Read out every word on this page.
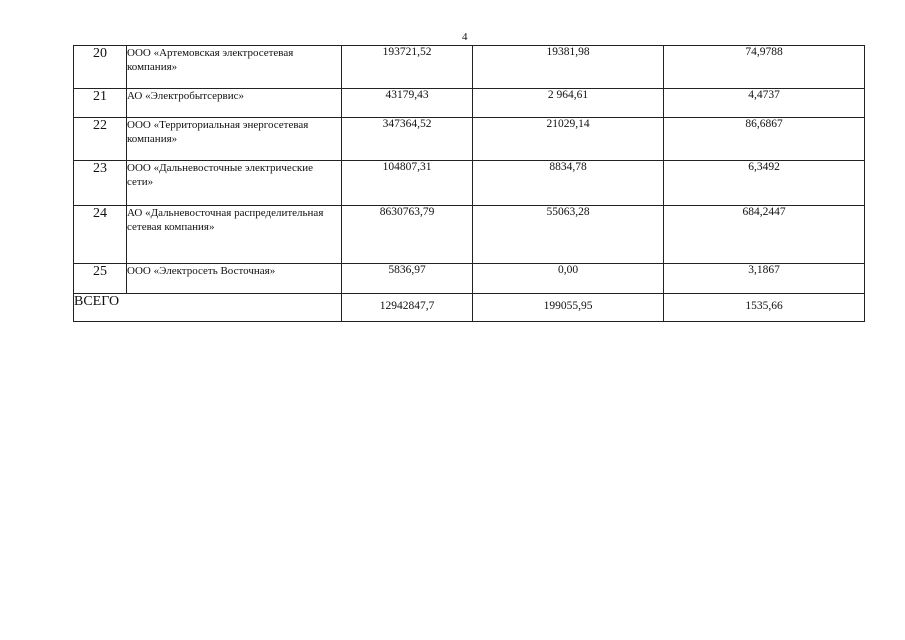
4
20	ООО «Артемовская электросетевая компания»	193721,52	19381,98	74,9788
21	АО «Электробытсервис»	43179,43	2 964,61	4,4737
22	ООО «Территориальная энергосетевая компания»	347364,52	21029,14	86,6867
23	ООО «Дальневосточные электрические сети»	104807,31	8834,78	6,3492
24	АО «Дальневосточная распределительная сетевая компания»	8630763,79	55063,28	684,2447
25	ООО «Электросеть Восточная»	5836,97	0,00	3,1867
ВСЕГО		12942847,7	199055,95	1535,66
